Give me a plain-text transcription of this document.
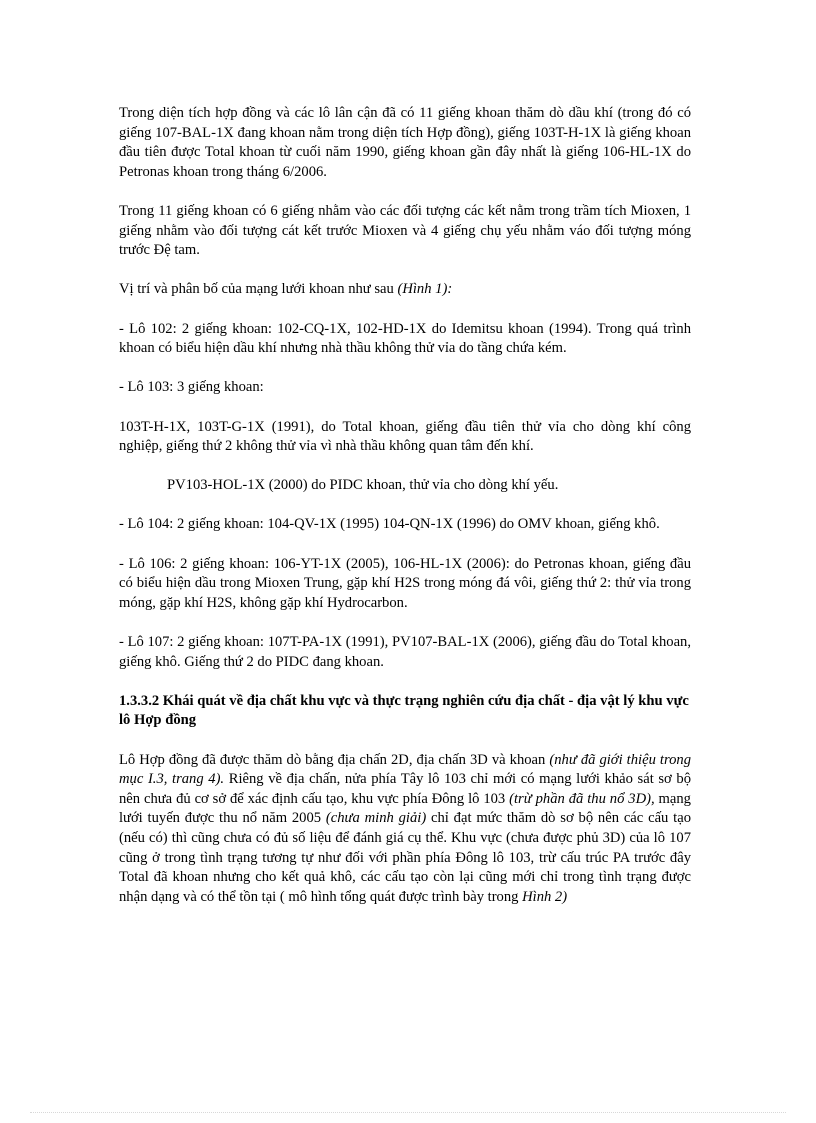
Trong diện tích hợp đồng và các lô lân cận đã có 11 giếng khoan thăm dò dầu khí (trong đó có giếng 107-BAL-1X đang khoan nằm trong diện tích Hợp đồng), giếng 103T-H-1X là giếng khoan đầu tiên được Total khoan từ cuối năm 1990, giếng khoan gần đây nhất là giếng 106-HL-1X do Petronas khoan trong tháng 6/2006.

Trong 11 giếng khoan có 6 giếng nhằm vào các đối tượng các kết nằm trong trầm tích Mioxen, 1 giếng nhằm vào đối tượng cát kết trước Mioxen và 4 giếng chụ yếu nhằm váo đối tượng móng trước Đệ tam.

Vị trí và phân bố của mạng lưới khoan như sau (Hình 1):

- Lô 102: 2 giếng khoan: 102-CQ-1X, 102-HD-1X do Idemitsu khoan (1994). Trong quá trình khoan có biểu hiện dầu khí nhưng nhà thầu không thử vỉa do tầng chứa kém.

- Lô 103: 3 giếng khoan:

103T-H-1X, 103T-G-1X (1991), do Total khoan, giếng đầu tiên thử vỉa cho dòng khí công nghiệp, giếng thứ 2 không thử vỉa vì nhà thầu không quan tâm đến khí.

PV103-HOL-1X (2000) do PIDC khoan, thử vỉa cho dòng khí yếu.

- Lô 104: 2 giếng khoan: 104-QV-1X (1995) 104-QN-1X (1996) do OMV khoan, giếng khô.

- Lô 106: 2 giếng khoan: 106-YT-1X (2005), 106-HL-1X (2006): do Petronas khoan, giếng đầu có biểu hiện dầu trong Mioxen Trung, gặp khí H2S trong móng đá vôi, giếng thứ 2: thử vỉa trong móng, gặp khí H2S, không gặp khí Hydrocarbon.

- Lô 107: 2 giếng khoan: 107T-PA-1X (1991), PV107-BAL-1X (2006), giếng đầu do Total khoan, giếng khô. Giếng thứ 2 do PIDC đang khoan.

1.3.3.2 Khái quát về địa chất khu vực và thực trạng nghiên cứu địa chất - địa vật lý khu vực lô Hợp đồng

Lô Hợp đồng đã được thăm dò bằng địa chấn 2D, địa chấn 3D và khoan (như đã giới thiệu trong mục I.3, trang 4). Riêng về địa chấn, nửa phía Tây lô 103 chỉ mới có mạng lưới khảo sát sơ bộ nên chưa đủ cơ sở để xác định cấu tạo, khu vực phía Đông lô 103 (trừ phần đã thu nổ 3D), mạng lưới tuyến được thu nổ năm 2005 (chưa minh giải) chỉ đạt mức thăm dò sơ bộ nên các cấu tạo (nếu có) thì cũng chưa có đủ số liệu để đánh giá cụ thể. Khu vực (chưa được phủ 3D) của lô 107 cũng ở trong tình trạng tương tự như đối với phần phía Đông lô 103, trừ cấu trúc PA trước đây Total đã khoan nhưng cho kết quả khô, các cấu tạo còn lại cũng mới chỉ trong tình trạng được nhận dạng và có thể tồn tại ( mô hình tổng quát được trình bày trong Hình 2)
